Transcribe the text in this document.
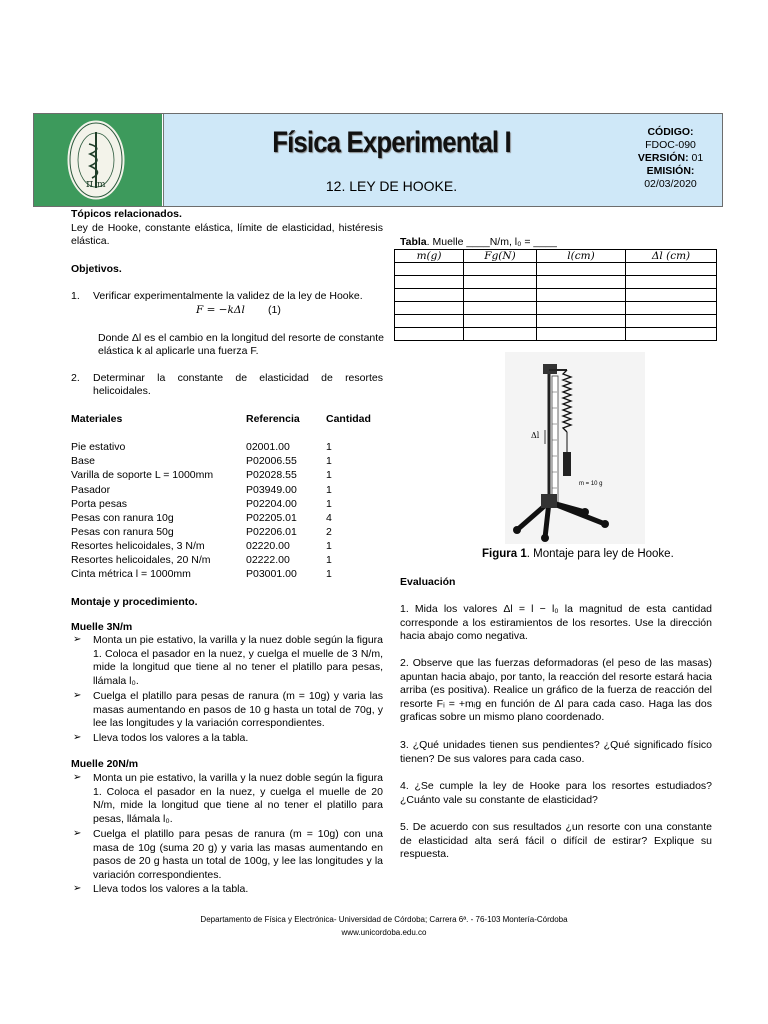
π m
Física Experimental I
12. LEY DE HOOKE.
CÓDIGO:
FDOC-090
VERSIÓN: 01
EMISIÓN:
02/03/2020
Tópicos relacionados.
Ley de Hooke, constante elástica, límite de elasticidad, histéresis elástica.
Objetivos.
1. Verificar experimentalmente la validez de la ley de Hooke.
F = −kΔl (1)
Donde Δl es el cambio en la longitud del resorte de constante
elástica k al aplicarle una fuerza F.
2. Determinar la constante de elasticidad de resortes helicoidales.
Materiales	Referencia	Cantidad
Pie estativo	02001.00	1
Base	P02006.55	1
Varilla de soporte L = 1000mm	P02028.55	1
Pasador	P03949.00	1
Porta pesas	P02204.00	1
Pesas con ranura 10g	P02205.01	4
Pesas con ranura 50g	P02206.01	2
Resortes helicoidales, 3 N/m	02220.00	1
Resortes helicoidales, 20 N/m	02222.00	1
Cinta métrica l = 1000mm	P03001.00	1
Montaje y procedimiento.
Muelle 3N/m
➢ Monta un pie estativo, la varilla y la nuez doble según la figura 1. Coloca el pasador en la nuez, y cuelga el muelle de 3 N/m, mide la longitud que tiene al no tener el platillo para pesas, llámala l₀.
➢ Cuelga el platillo para pesas de ranura (m = 10g) y varia las masas aumentando en pasos de 10 g hasta un total de 70g, y lee las longitudes y la variación correspondientes.
➢ Lleva todos los valores a la tabla.
Muelle 20N/m
➢ Monta un pie estativo, la varilla y la nuez doble según la figura 1. Coloca el pasador en la nuez, y cuelga el muelle de 20 N/m, mide la longitud que tiene al no tener el platillo para pesas, llámala l₀.
➢ Cuelga el platillo para pesas de ranura (m = 10g) con una masa de 10g (suma 20 g) y varia las masas aumentando en pasos de 20 g hasta un total de 100g, y lee las longitudes y la variación correspondientes.
➢ Lleva todos los valores a la tabla.
Tabla. Muelle ____N/m, l₀ = ____
m(g)	Fg(N)	l(cm)	Δl (cm)

Δl
m = 10 g
Figura 1. Montaje para ley de Hooke.
Evaluación
1. Mida los valores Δl = l − l₀ la magnitud de esta cantidad corresponde a los estiramientos de los resortes. Use la dirección hacia abajo como negativa.
2. Observe que las fuerzas deformadoras (el peso de las masas) apuntan hacia abajo, por tanto, la reacción del resorte estará hacia arriba (es positiva). Realice un gráfico de la fuerza de reacción del resorte Fᵢ = +mᵢg en función de Δl para cada caso. Haga las dos graficas sobre un mismo plano coordenado.
3. ¿Qué unidades tienen sus pendientes? ¿Qué significado físico tienen? De sus valores para cada caso.
4. ¿Se cumple la ley de Hooke para los resortes estudiados? ¿Cuánto vale su constante de elasticidad?
5. De acuerdo con sus resultados ¿un resorte con una constante de elasticidad alta será fácil o difícil de estirar? Explique su respuesta.
Departamento de Física y Electrónica- Universidad de Córdoba; Carrera 6ª. - 76-103 Montería-Córdoba
www.unicordoba.edu.co
